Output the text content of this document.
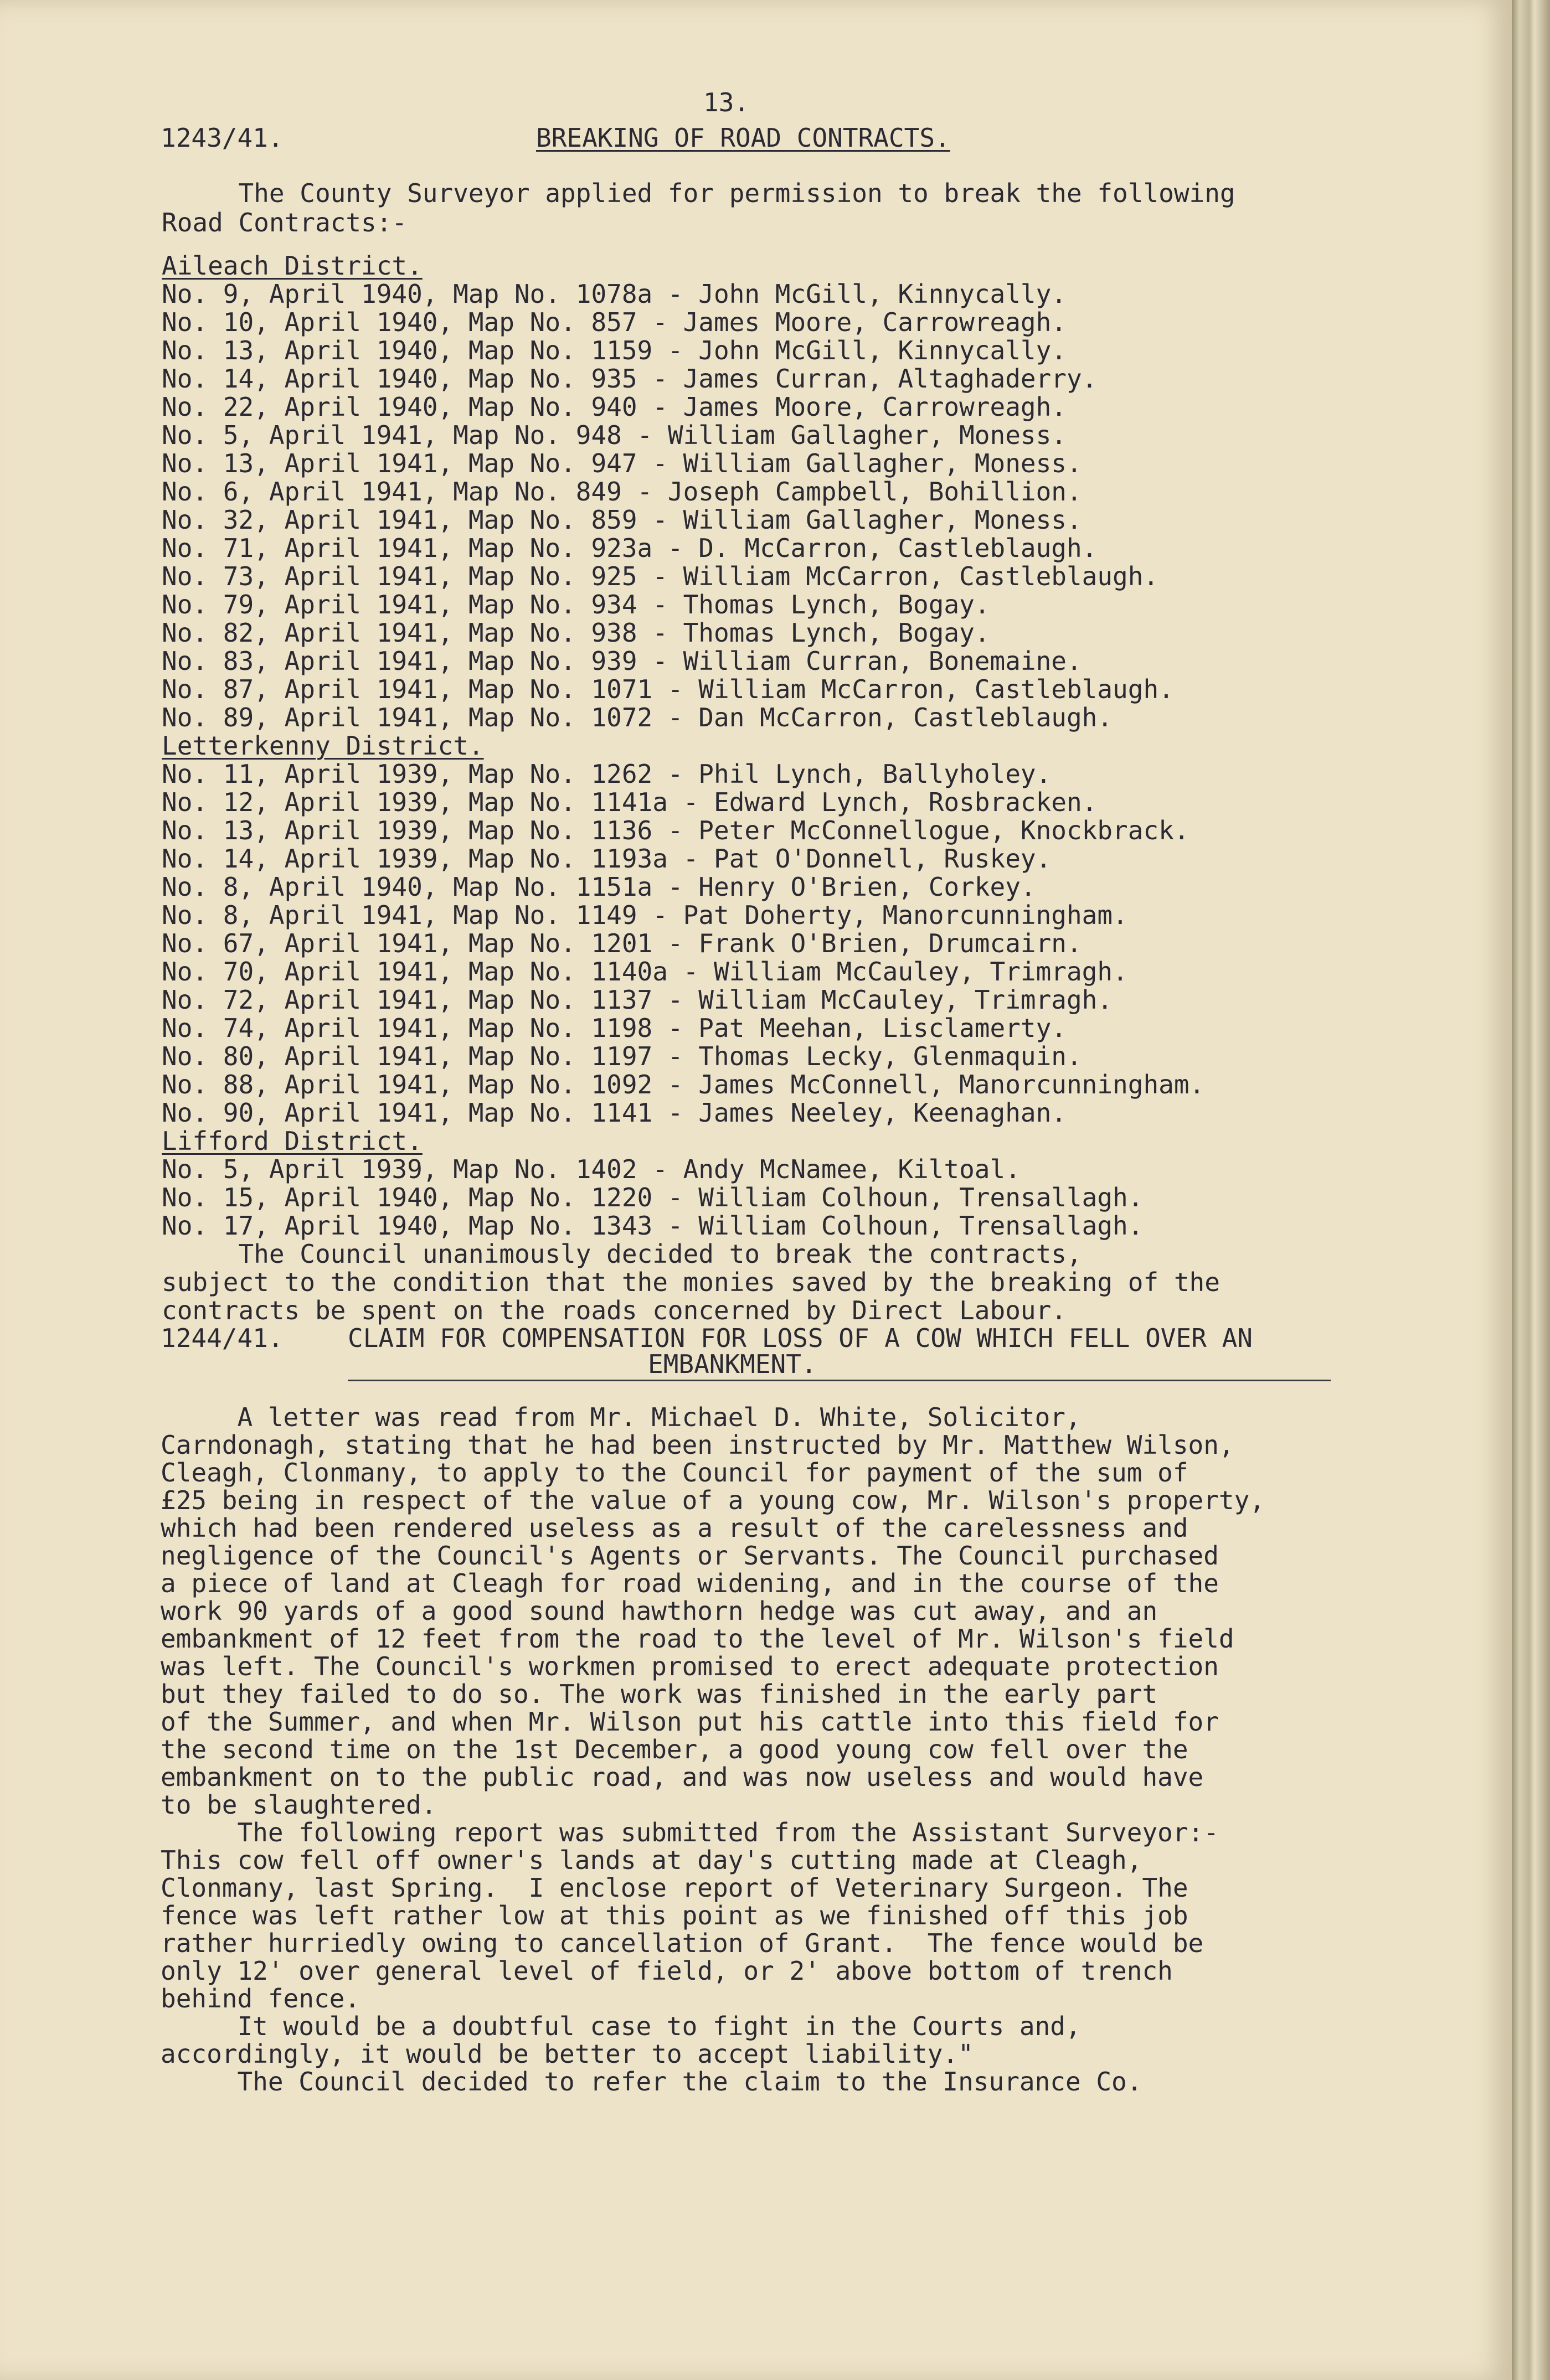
13.
1243/41.	BREAKING OF ROAD CONTRACTS.
The County Surveyor applied for permission to break the following
Road Contracts:-
Aileach District.
No. 9, April 1940, Map No. 1078a - John McGill, Kinnycally.
No. 10, April 1940, Map No. 857 - James Moore, Carrowreagh.
No. 13, April 1940, Map No. 1159 - John McGill, Kinnycally.
No. 14, April 1940, Map No. 935 - James Curran, Altaghaderry.
No. 22, April 1940, Map No. 940 - James Moore, Carrowreagh.
No. 5, April 1941, Map No. 948 - William Gallagher, Moness.
No. 13, April 1941, Map No. 947 - William Gallagher, Moness.
No. 6, April 1941, Map No. 849 - Joseph Campbell, Bohillion.
No. 32, April 1941, Map No. 859 - William Gallagher, Moness.
No. 71, April 1941, Map No. 923a - D. McCarron, Castleblaugh.
No. 73, April 1941, Map No. 925 - William McCarron, Castleblaugh.
No. 79, April 1941, Map No. 934 - Thomas Lynch, Bogay.
No. 82, April 1941, Map No. 938 - Thomas Lynch, Bogay.
No. 83, April 1941, Map No. 939 - William Curran, Bonemaine.
No. 87, April 1941, Map No. 1071 - William McCarron, Castleblaugh.
No. 89, April 1941, Map No. 1072 - Dan McCarron, Castleblaugh.
Letterkenny District.
No. 11, April 1939, Map No. 1262 - Phil Lynch, Ballyholey.
No. 12, April 1939, Map No. 1141a - Edward Lynch, Rosbracken.
No. 13, April 1939, Map No. 1136 - Peter McConnellogue, Knockbrack.
No. 14, April 1939, Map No. 1193a - Pat O'Donnell, Ruskey.
No. 8, April 1940, Map No. 1151a - Henry O'Brien, Corkey.
No. 8, April 1941, Map No. 1149 - Pat Doherty, Manorcunningham.
No. 67, April 1941, Map No. 1201 - Frank O'Brien, Drumcairn.
No. 70, April 1941, Map No. 1140a - William McCauley, Trimragh.
No. 72, April 1941, Map No. 1137 - William McCauley, Trimragh.
No. 74, April 1941, Map No. 1198 - Pat Meehan, Lisclamerty.
No. 80, April 1941, Map No. 1197 - Thomas Lecky, Glenmaquin.
No. 88, April 1941, Map No. 1092 - James McConnell, Manorcunningham.
No. 90, April 1941, Map No. 1141 - James Neeley, Keenaghan.
Lifford District.
No. 5, April 1939, Map No. 1402 - Andy McNamee, Kiltoal.
No. 15, April 1940, Map No. 1220 - William Colhoun, Trensallagh.
No. 17, April 1940, Map No. 1343 - William Colhoun, Trensallagh.
The Council unanimously decided to break the contracts,
subject to the condition that the monies saved by the breaking of the
contracts be spent on the roads concerned by Direct Labour.
1244/41.	CLAIM FOR COMPENSATION FOR LOSS OF A COW WHICH FELL OVER AN
EMBANKMENT.
A letter was read from Mr. Michael D. White, Solicitor,
Carndonagh, stating that he had been instructed by Mr. Matthew Wilson,
Cleagh, Clonmany, to apply to the Council for payment of the sum of
£25 being in respect of the value of a young cow, Mr. Wilson's property,
which had been rendered useless as a result of the carelessness and
negligence of the Council's Agents or Servants. The Council purchased
a piece of land at Cleagh for road widening, and in the course of the
work 90 yards of a good sound hawthorn hedge was cut away, and an
embankment of 12 feet from the road to the level of Mr. Wilson's field
was left. The Council's workmen promised to erect adequate protection
but they failed to do so. The work was finished in the early part
of the Summer, and when Mr. Wilson put his cattle into this field for
the second time on the 1st December, a good young cow fell over the
embankment on to the public road, and was now useless and would have
to be slaughtered.
The following report was submitted from the Assistant Surveyor:-
This cow fell off owner's lands at day's cutting made at Cleagh,
Clonmany, last Spring.  I enclose report of Veterinary Surgeon. The
fence was left rather low at this point as we finished off this job
rather hurriedly owing to cancellation of Grant.  The fence would be
only 12' over general level of field, or 2' above bottom of trench
behind fence.
It would be a doubtful case to fight in the Courts and,
accordingly, it would be better to accept liability."
The Council decided to refer the claim to the Insurance Co.
